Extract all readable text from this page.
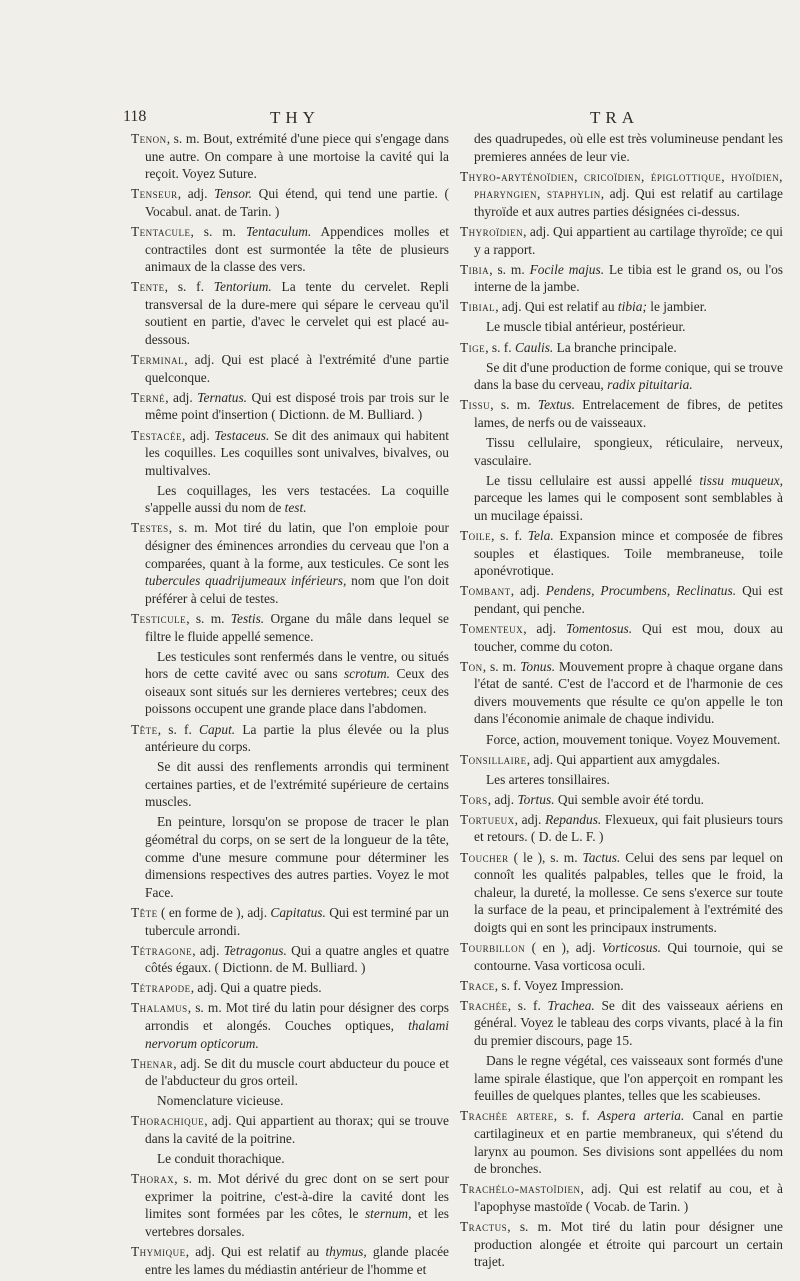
118	THY	TRA

Tenon, s. m. Bout, extrémité d'une piece qui s'engage dans une autre. On compare à une mortoise la cavité qui la reçoit. Voyez Suture.

Tenseur, adj. Tensor. Qui étend, qui tend une partie. ( Vocabul. anat. de Tarin. )

Tentacule, s. m. Tentaculum. Appendices molles et contractiles dont est surmontée la tête de plusieurs animaux de la classe des vers.

Tente, s. f. Tentorium. La tente du cervelet. Repli transversal de la dure-mere qui sépare le cerveau qu'il soutient en partie, d'avec le cervelet qui est placé au-dessous.

Terminal, adj. Qui est placé à l'extrémité d'une partie quelconque.

Terné, adj. Ternatus. Qui est disposé trois par trois sur le même point d'insertion ( Dictionn. de M. Bulliard. )

Testacée, adj. Testaceus. Se dit des animaux qui habitent les coquilles. Les coquilles sont univalves, bivalves, ou multivalves.

Les coquillages, les vers testacées. La coquille s'appelle aussi du nom de test.

Testes, s. m. Mot tiré du latin, que l'on emploie pour désigner des éminences arrondies du cerveau que l'on a comparées, quant à la forme, aux testicules. Ce sont les tubercules quadrijumeaux inférieurs, nom que l'on doit préférer à celui de testes.

Testicule, s. m. Testis. Organe du mâle dans lequel se filtre le fluide appellé semence.

Les testicules sont renfermés dans le ventre, ou situés hors de cette cavité avec ou sans scrotum. Ceux des oiseaux sont situés sur les dernieres vertebres; ceux des poissons occupent une grande place dans l'abdomen.

Tête, s. f. Caput. La partie la plus élevée ou la plus antérieure du corps.

Se dit aussi des renflements arrondis qui terminent certaines parties, et de l'extrémité supérieure de certains muscles.

En peinture, lorsqu'on se propose de tracer le plan géométral du corps, on se sert de la longueur de la tête, comme d'une mesure commune pour déterminer les dimensions respectives des autres parties. Voyez le mot Face.

Tête ( en forme de ), adj. Capitatus. Qui est terminé par un tubercule arrondi.

Tétragone, adj. Tetragonus. Qui a quatre angles et quatre côtés égaux. ( Dictionn. de M. Bulliard. )

Tétrapode, adj. Qui a quatre pieds.

Thalamus, s. m. Mot tiré du latin pour désigner des corps arrondis et alongés. Couches optiques, thalami nervorum opticorum.

Thenar, adj. Se dit du muscle court abducteur du pouce et de l'abducteur du gros orteil.

Nomenclature vicieuse.

Thorachique, adj. Qui appartient au thorax; qui se trouve dans la cavité de la poitrine.

Le conduit thorachique.

Thorax, s. m. Mot dérivé du grec dont on se sert pour exprimer la poitrine, c'est-à-dire la cavité dont les limites sont formées par les côtes, le sternum, et les vertebres dorsales.

Thymique, adj. Qui est relatif au thymus, glande placée entre les lames du médiastin antérieur de l'homme et

des quadrupedes, où elle est très volumineuse pendant les premieres années de leur vie.

Thyro-aryténoïdien, cricoïdien, épiglottique, hyoïdien, pharyngien, staphylin, adj. Qui est relatif au cartilage thyroïde et aux autres parties désignées ci-dessus.

Thyroïdien, adj. Qui appartient au cartilage thyroïde; ce qui y a rapport.

Tibia, s. m. Focile majus. Le tibia est le grand os, ou l'os interne de la jambe.

Tibial, adj. Qui est relatif au tibia; le jambier.

Le muscle tibial antérieur, postérieur.

Tige, s. f. Caulis. La branche principale.

Se dit d'une production de forme conique, qui se trouve dans la base du cerveau, radix pituitaria.

Tissu, s. m. Textus. Entrelacement de fibres, de petites lames, de nerfs ou de vaisseaux.

Tissu cellulaire, spongieux, réticulaire, nerveux, vasculaire.

Le tissu cellulaire est aussi appellé tissu muqueux, parceque les lames qui le composent sont semblables à un mucilage épaissi.

Toile, s. f. Tela. Expansion mince et composée de fibres souples et élastiques. Toile membraneuse, toile aponévrotique.

Tombant, adj. Pendens, Procumbens, Reclinatus. Qui est pendant, qui penche.

Tomenteux, adj. Tomentosus. Qui est mou, doux au toucher, comme du coton.

Ton, s. m. Tonus. Mouvement propre à chaque organe dans l'état de santé. C'est de l'accord et de l'harmonie de ces divers mouvements que résulte ce qu'on appelle le ton dans l'économie animale de chaque individu.

Force, action, mouvement tonique. Voyez Mouvement.

Tonsillaire, adj. Qui appartient aux amygdales.

Les arteres tonsillaires.

Tors, adj. Tortus. Qui semble avoir été tordu.

Tortueux, adj. Repandus. Flexueux, qui fait plusieurs tours et retours. ( D. de L. F. )

Toucher ( le ), s. m. Tactus. Celui des sens par lequel on connoît les qualités palpables, telles que le froid, la chaleur, la dureté, la mollesse. Ce sens s'exerce sur toute la surface de la peau, et principalement à l'extrémité des doigts qui en sont les principaux instruments.

Tourbillon ( en ), adj. Vorticosus. Qui tournoie, qui se contourne. Vasa vorticosa oculi.

Trace, s. f. Voyez Impression.

Trachée, s. f. Trachea. Se dit des vaisseaux aériens en général. Voyez le tableau des corps vivants, placé à la fin du premier discours, page 15.

Dans le regne végétal, ces vaisseaux sont formés d'une lame spirale élastique, que l'on apperçoit en rompant les feuilles de quelques plantes, telles que les scabieuses.

Trachée artere, s. f. Aspera arteria. Canal en partie cartilagineux et en partie membraneux, qui s'étend du larynx au poumon. Ses divisions sont appellées du nom de bronches.

Trachélo-mastoïdien, adj. Qui est relatif au cou, et à l'apophyse mastoïde ( Vocab. de Tarin. )

Tractus, s. m. Mot tiré du latin pour désigner une production alongée et étroite qui parcourt un certain trajet.
